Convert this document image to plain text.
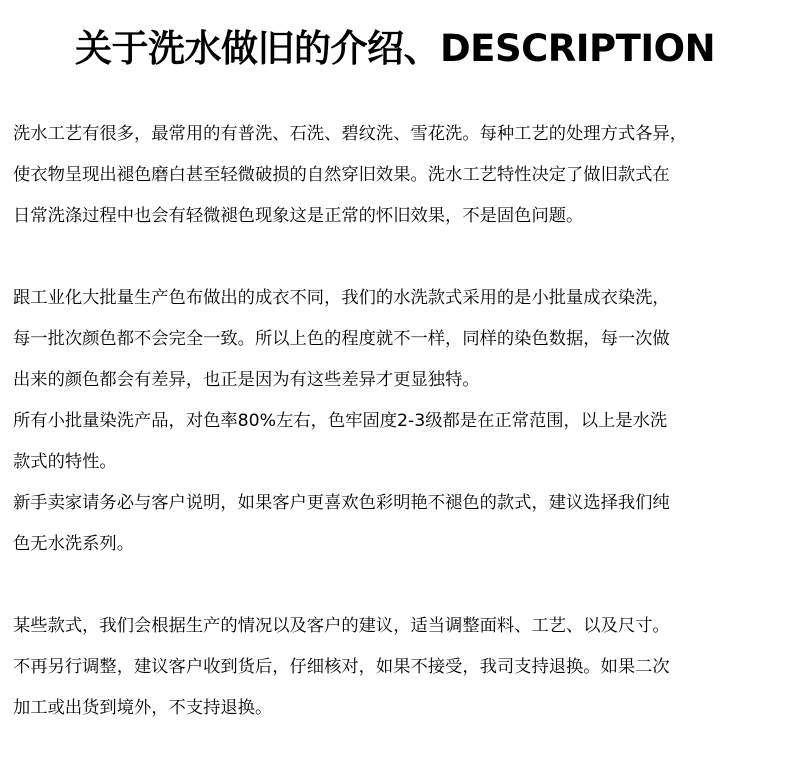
关于洗水做旧的介绍、DESCRIPTION
洗水工艺有很多，最常用的有普洗、石洗、碧纹洗、雪花洗。每种工艺的处理方式各异，
使衣物呈现出褪色磨白甚至轻微破损的自然穿旧效果。洗水工艺特性决定了做旧款式在
日常洗涤过程中也会有轻微褪色现象这是正常的怀旧效果，不是固色问题。
跟工业化大批量生产色布做出的成衣不同，我们的水洗款式采用的是小批量成衣染洗，
每一批次颜色都不会完全一致。所以上色的程度就不一样，同样的染色数据，每一次做
出来的颜色都会有差异，也正是因为有这些差异才更显独特。
所有小批量染洗产品，对色率80%左右，色牢固度2-3级都是在正常范围，以上是水洗
款式的特性。
新手卖家请务必与客户说明，如果客户更喜欢色彩明艳不褪色的款式，建议选择我们纯
色无水洗系列。
某些款式，我们会根据生产的情况以及客户的建议，适当调整面料、工艺、以及尺寸。
不再另行调整，建议客户收到货后，仔细核对，如果不接受，我司支持退换。如果二次
加工或出货到境外，不支持退换。
